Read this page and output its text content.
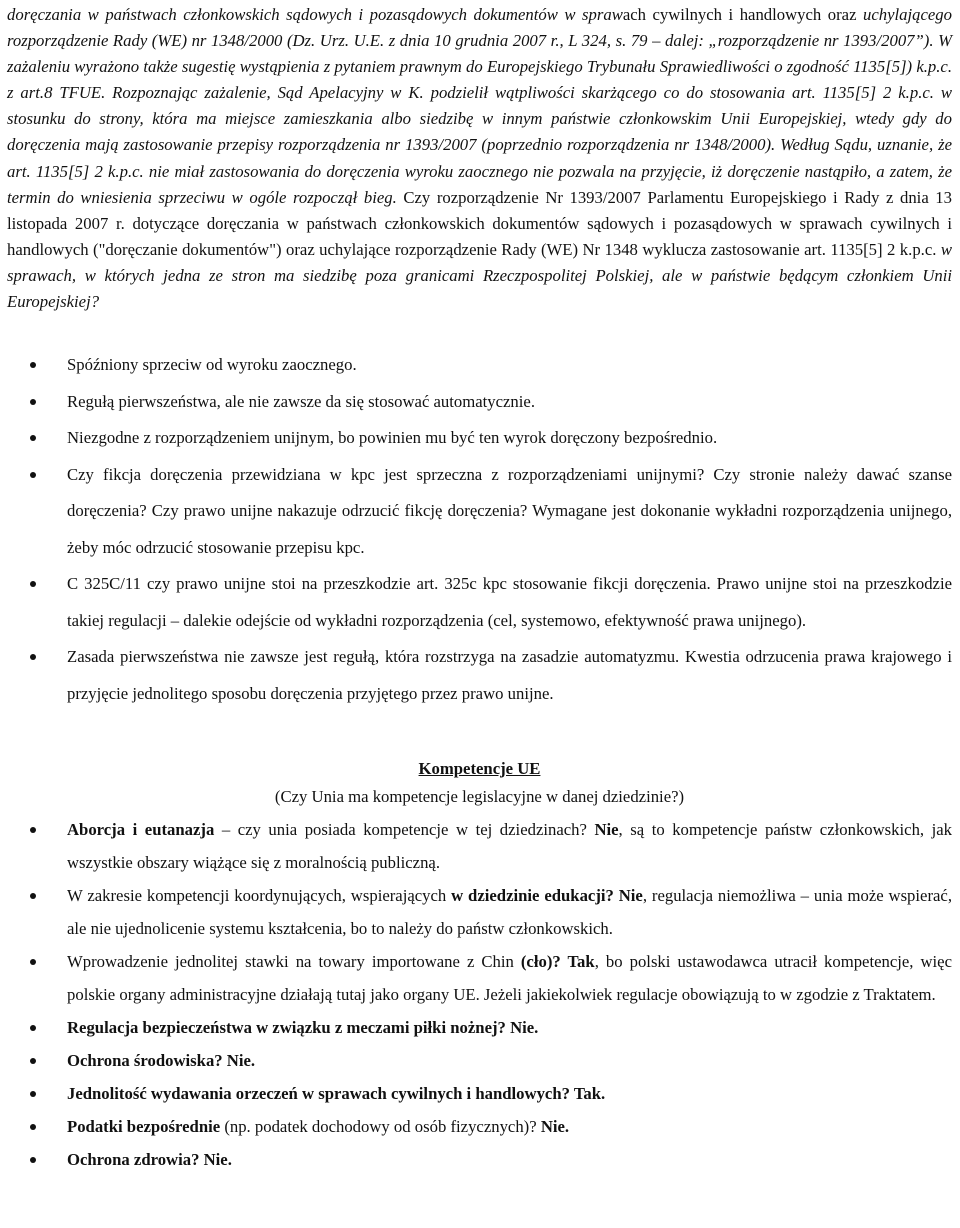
doręczania w państwach członkowskich sądowych i pozasądowych dokumentów w sprawach cywilnych i handlowych oraz uchylającego rozporządzenie Rady (WE) nr 1348/2000 (Dz. Urz. U.E. z dnia 10 grudnia 2007 r., L 324, s. 79 – dalej: „rozporządzenie nr 1393/2007”). W zażaleniu wyrażono także sugestię wystąpienia z pytaniem prawnym do Europejskiego Trybunału Sprawiedliwości o zgodność 1135[5]) k.p.c. z art.8 TFUE. Rozpoznając zażalenie, Sąd Apelacyjny w K. podzielił wątpliwości skarżącego co do stosowania art. 1135[5] 2 k.p.c. w stosunku do strony, która ma miejsce zamieszkania albo siedzibę w innym państwie członkowskim Unii Europejskiej, wtedy gdy do doręczenia mają zastosowanie przepisy rozporządzenia nr 1393/2007 (poprzednio rozporządzenia nr 1348/2000). Według Sądu, uznanie, że art. 1135[5] 2 k.p.c. nie miał zastosowania do doręczenia wyroku zaocznego nie pozwala na przyjęcie, iż doręczenie nastąpiło, a zatem, że termin do wniesienia sprzeciwu w ogóle rozpoczął bieg. Czy rozporządzenie Nr 1393/2007 Parlamentu Europejskiego i Rady z dnia 13 listopada 2007 r. dotyczące doręczania w państwach członkowskich dokumentów sądowych i pozasądowych w sprawach cywilnych i handlowych ("doręczanie dokumentów") oraz uchylające rozporządzenie Rady (WE) Nr 1348 wyklucza zastosowanie art. 1135[5] 2 k.p.c. w sprawach, w których jedna ze stron ma siedzibę poza granicami Rzeczpospolitej Polskiej, ale w państwie będącym członkiem Unii Europejskiej?

Spóźniony sprzeciw od wyroku zaocznego.
Regułą pierwszeństwa, ale nie zawsze da się stosować automatycznie.
Niezgodne z rozporządzeniem unijnym, bo powinien mu być ten wyrok doręczony bezpośrednio.
Czy fikcja doręczenia przewidziana w kpc jest sprzeczna z rozporządzeniami unijnymi? Czy stronie należy dawać szanse doręczenia? Czy prawo unijne nakazuje odrzucić fikcję doręczenia? Wymagane jest dokonanie wykładni rozporządzenia unijnego, żeby móc odrzucić stosowanie przepisu kpc.
C 325C/11 czy prawo unijne stoi na przeszkodzie art. 325c kpc stosowanie fikcji doręczenia. Prawo unijne stoi na przeszkodzie takiej regulacji – dalekie odejście od wykładni rozporządzenia (cel, systemowo, efektywność prawa unijnego).
Zasada pierwszeństwa nie zawsze jest regułą, która rozstrzyga na zasadzie automatyzmu. Kwestia odrzucenia prawa krajowego i przyjęcie jednolitego sposobu doręczenia przyjętego przez prawo unijne.
Kompetencje UE
(Czy Unia ma kompetencje legislacyjne w danej dziedzinie?)
Aborcja i eutanazja – czy unia posiada kompetencje w tej dziedzinach? Nie, są to kompetencje państw członkowskich, jak wszystkie obszary wiążące się z moralnością publiczną.
W zakresie kompetencji koordynujących, wspierających w dziedzinie edukacji? Nie, regulacja niemożliwa – unia może wspierać, ale nie ujednolicenie systemu kształcenia, bo to należy do państw członkowskich.
Wprowadzenie jednolitej stawki na towary importowane z Chin (cło)? Tak, bo polski ustawodawca utracił kompetencje, więc polskie organy administracyjne działają tutaj jako organy UE. Jeżeli jakiekolwiek regulacje obowiązują to w zgodzie z Traktatem.
Regulacja bezpieczeństwa w związku z meczami piłki nożnej? Nie.
Ochrona środowiska? Nie.
Jednolitość wydawania orzeczeń w sprawach cywilnych i handlowych? Tak.
Podatki bezpośrednie (np. podatek dochodowy od osób fizycznych)? Nie.
Ochrona zdrowia? Nie.
